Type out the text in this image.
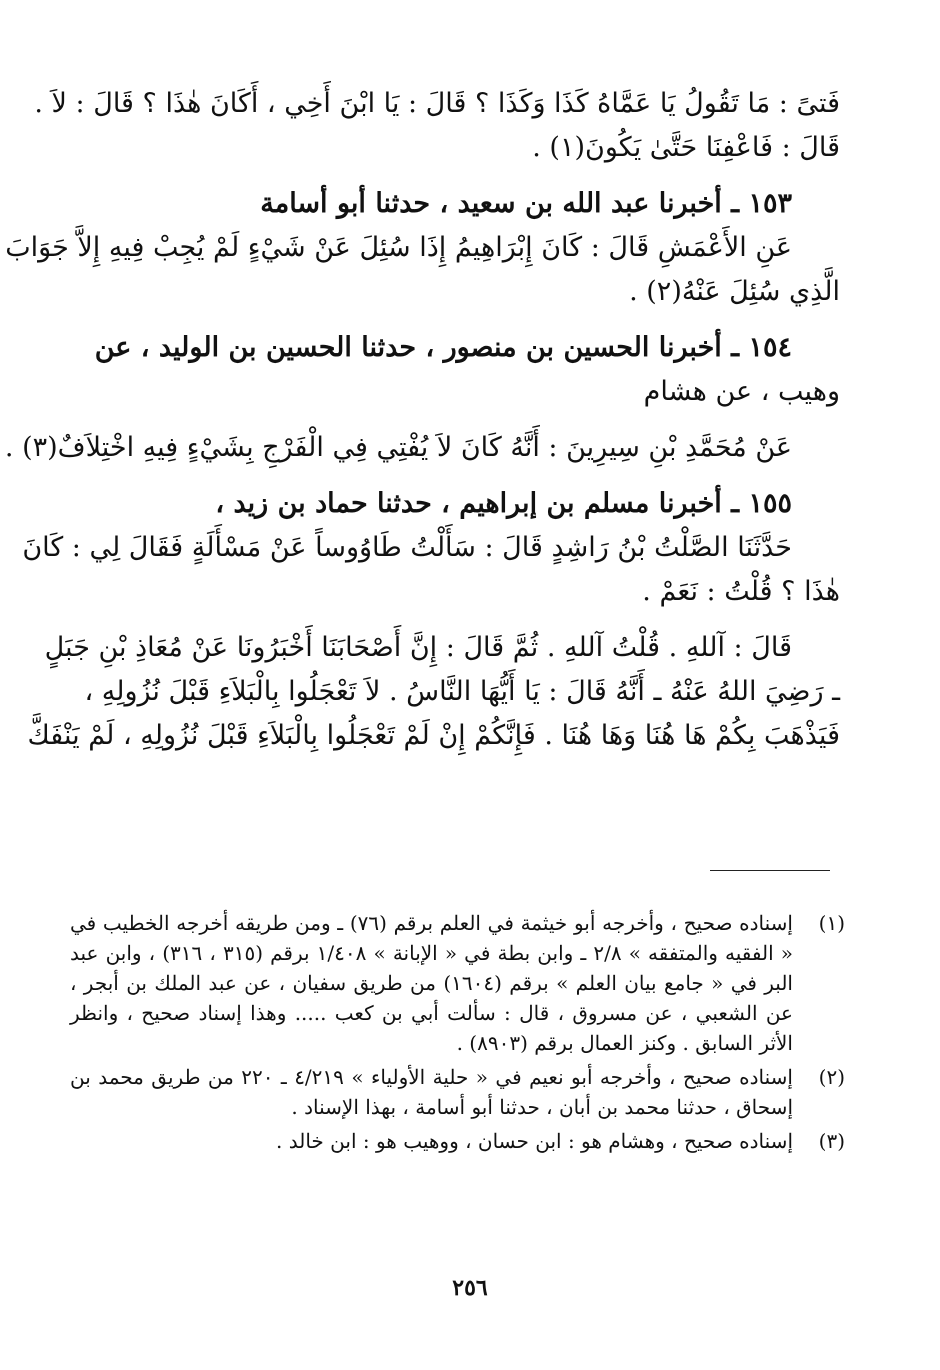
فَتىً : مَا تَقُولُ يَا عَمَّاهُ كَذَا وَكَذَا ؟ قَالَ : يَا ابْنَ أَخِي ، أَكَانَ هٰذَا ؟ قَالَ : لاَ .

قَالَ : فَاعْفِنَا حَتَّىٰ يَكُونَ(١) .

١٥٣ ـ أخبرنا عبد الله بن سعيد ، حدثنا أبو أسامة

عَنِ الأَعْمَشِ قَالَ : كَانَ إِبْرَاهِيمُ إِذَا سُئِلَ عَنْ شَيْءٍ لَمْ يُجِبْ فِيهِ إِلاَّ جَوَابَ

الَّذِي سُئِلَ عَنْهُ(٢) .

١٥٤ ـ أخبرنا الحسين بن منصور ، حدثنا الحسين بن الوليد ، عن

وهيب ، عن هشام

عَنْ مُحَمَّدِ بْنِ سِيرِينَ : أَنَّهُ كَانَ لاَ يُفْتِي فِي الْفَرْجِ بِشَيْءٍ فِيهِ اخْتِلاَفٌ(٣) .

١٥٥ ـ أخبرنا مسلم بن إبراهيم ، حدثنا حماد بن زيد ،

حَدَّثَنَا الصَّلْتُ بْنُ رَاشِدٍ قَالَ : سَأَلْتُ طَاوُوساً عَنْ مَسْأَلَةٍ فَقَالَ لِي : كَانَ

هٰذَا ؟ قُلْتُ : نَعَمْ .

قَالَ : آللهِ . قُلْتُ آللهِ . ثُمَّ قَالَ : إِنَّ أَصْحَابَنَا أَخْبَرُونَا عَنْ مُعَاذِ بْنِ جَبَلٍ

ـ رَضِيَ اللهُ عَنْهُ ـ أَنَّهُ قَالَ : يَا أَيُّهَا النَّاسُ . لاَ تَعْجَلُوا بِالْبَلاَءِ قَبْلَ نُزُولِهِ ،

فَيَذْهَبَ بِكُمْ هَا هُنَا وَهَا هُنَا . فَإِنَّكُمْ إِنْ لَمْ تَعْجَلُوا بِالْبَلاَءِ قَبْلَ نُزُولِهِ ، لَمْ يَنْفَكَّ

(١)
إسناده صحيح ، وأخرجه أبو خيثمة في العلم برقم (٧٦) ـ ومن طريقه أخرجه الخطيب في « الفقيه والمتفقه » ٢/٨ ـ وابن بطة في « الإبانة » ١/٤٠٨ برقم (٣١٥ ، ٣١٦) ، وابن عبد البر في « جامع بيان العلم » برقم (١٦٠٤) من طريق سفيان ، عن عبد الملك بن أبجر ، عن الشعبي ، عن مسروق ، قال : سألت أبي بن كعب ..... وهذا إسناد صحيح ، وانظر الأثر السابق . وكنز العمال برقم (٨٩٠٣) .
(٢)
إسناده صحيح ، وأخرجه أبو نعيم في « حلية الأولياء » ٤/٢١٩ ـ ٢٢٠ من طريق محمد بن إسحاق ، حدثنا محمد بن أبان ، حدثنا أبو أسامة ، بهذا الإسناد .
(٣)
إسناده صحيح ، وهشام هو : ابن حسان ، ووهيب هو : ابن خالد .
٢٥٦
